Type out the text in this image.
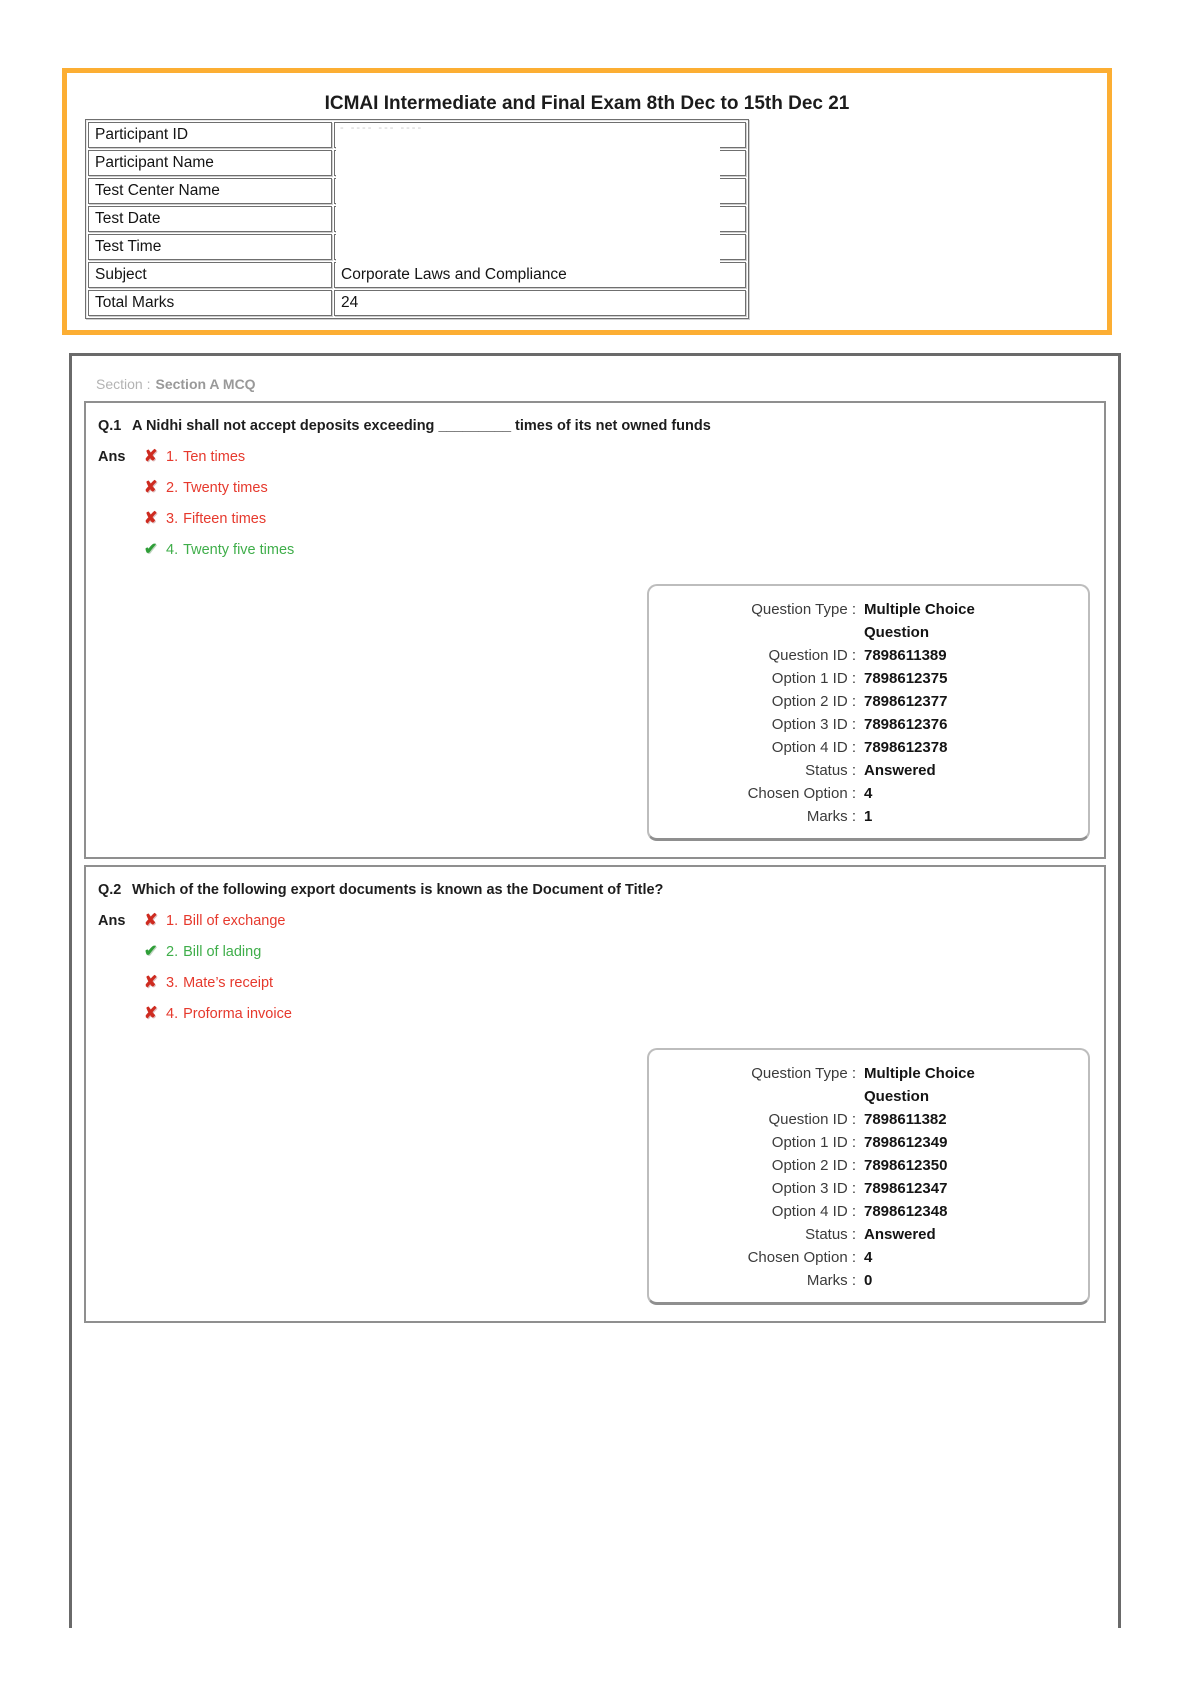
ICMAI Intermediate and Final Exam 8th Dec to 15th Dec 21
Participant ID	
Participant Name	
Test Center Name	
Test Date	
Test Time	
Subject	Corporate Laws and Compliance
Total Marks	24
‐ ‐‐‐‐ ‐‐‐ ‐‐‐‐
Section : Section A MCQ
Q.1 A Nidhi shall not accept deposits exceeding _________ times of its net owned funds
Ans	✘ 1. Ten times
✘ 2. Twenty times
✘ 3. Fifteen times
✔ 4. Twenty five times
Question Type : Multiple Choice Question
Question ID : 7898611389
Option 1 ID : 7898612375
Option 2 ID : 7898612377
Option 3 ID : 7898612376
Option 4 ID : 7898612378
Status : Answered
Chosen Option : 4
Marks : 1
Q.2 Which of the following export documents is known as the Document of Title?
Ans	✘ 1. Bill of exchange
✔ 2. Bill of lading
✘ 3. Mate’s receipt
✘ 4. Proforma invoice
Question Type : Multiple Choice Question
Question ID : 7898611382
Option 1 ID : 7898612349
Option 2 ID : 7898612350
Option 3 ID : 7898612347
Option 4 ID : 7898612348
Status : Answered
Chosen Option : 4
Marks : 0
